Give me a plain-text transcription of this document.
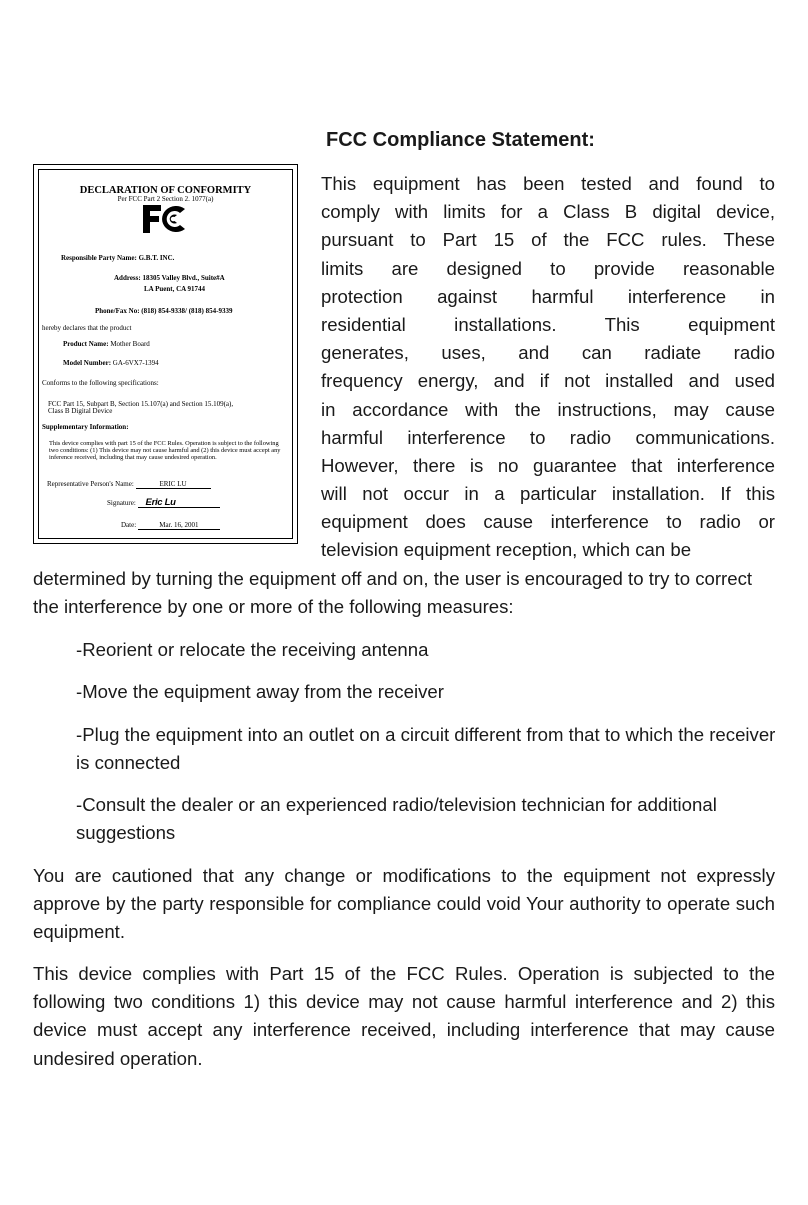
FCC Compliance Statement:
DECLARATION OF CONFORMITY
Per FCC Part 2 Section 2. 1077(a)
Responsible Party Name: G.B.T. INC.
Address: 18305 Valley Blvd., Suite#A
LA Puent, CA 91744
Phone/Fax No: (818) 854-9338/ (818) 854-9339
hereby declares that the product
Product Name: Mother Board
Model Number: GA-6VX7-1394
Conforms to the following specifications:
FCC Part 15, Subpart B, Section 15.107(a) and Section 15.109(a),
Class B Digital Device
Supplementary Information:
This device complies with part 15 of the FCC Rules. Operation is subject to the following two conditions: (1) This device may not cause harmful and (2) this device must accept any inference received, including that may cause undesired operation.
Representative Person's Name:	ERIC LU
Signature: Eric Lu
Date:	Mar. 16, 2001
This equipment has been tested and found to
comply with limits for a Class B digital device,
pursuant to Part 15 of the FCC rules. These
limits are designed to provide reasonable
protection against harmful interference in
residential installations. This equipment
generates, uses, and can radiate radio
frequency energy, and if not installed and used
in accordance with the instructions, may cause
harmful interference to radio communications.
However, there is no guarantee that interference
will not occur in a particular installation. If this
equipment does cause interference to radio or
television equipment reception, which can be
determined by turning the equipment off and on, the user is encouraged to try to correct the interference by one or more of the following measures:
-Reorient or relocate the receiving antenna
-Move the equipment away from the receiver
-Plug the equipment into an outlet on a circuit different from that to which the receiver is connected
-Consult the dealer or an experienced radio/television technician for additional suggestions
You are cautioned that any change or modifications to the equipment not expressly approve by the party responsible for compliance could void Your authority to operate such equipment.
This device complies with Part 15 of the FCC Rules. Operation is subjected to the following two conditions 1) this device may not cause harmful interference and 2) this device must accept any interference received, including interference that may cause undesired operation.
